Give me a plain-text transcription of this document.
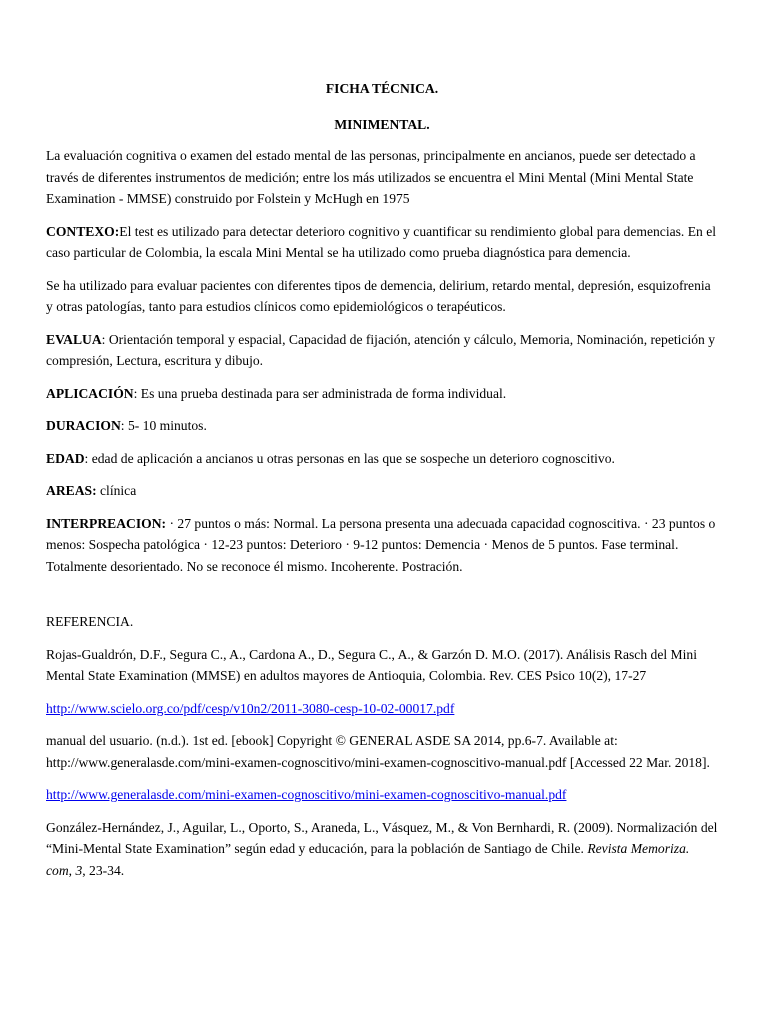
FICHA TÉCNICA.

MINIMENTAL.

La evaluación cognitiva o examen del estado mental de las personas, principalmente en ancianos, puede ser detectado a través de diferentes instrumentos de medición; entre los más utilizados se encuentra el Mini Mental (Mini Mental State Examination - MMSE) construido por Folstein y McHugh en 1975

CONTEXO:El test es utilizado para detectar deterioro cognitivo y cuantificar su rendimiento global para demencias. En el caso particular de Colombia, la escala Mini Mental se ha utilizado como prueba diagnóstica para demencia.

Se ha utilizado para evaluar pacientes con diferentes tipos de demencia, delirium, retardo mental, depresión, esquizofrenia y otras patologías, tanto para estudios clínicos como epidemiológicos o terapéuticos.

EVALUA: Orientación temporal y espacial, Capacidad de fijación, atención y cálculo, Memoria, Nominación, repetición y compresión, Lectura, escritura y dibujo.

APLICACIÓN: Es una prueba destinada para ser administrada de forma individual.

DURACION: 5- 10 minutos.

EDAD: edad de aplicación a ancianos u otras personas en las que se sospeche un deterioro cognoscitivo.

AREAS: clínica

INTERPREACION: · 27 puntos o más: Normal. La persona presenta una adecuada capacidad cognoscitiva. · 23 puntos o menos: Sospecha patológica · 12-23 puntos: Deterioro · 9-12 puntos: Demencia · Menos de 5 puntos. Fase terminal. Totalmente desorientado. No se reconoce él mismo. Incoherente. Postración.

REFERENCIA.

Rojas-Gualdrón, D.F., Segura C., A., Cardona A., D., Segura C., A., & Garzón D. M.O. (2017). Análisis Rasch del Mini Mental State Examination (MMSE) en adultos mayores de Antioquia, Colombia. Rev. CES Psico 10(2), 17-27

http://www.scielo.org.co/pdf/cesp/v10n2/2011-3080-cesp-10-02-00017.pdf

manual del usuario. (n.d.). 1st ed. [ebook] Copyright © GENERAL ASDE SA 2014, pp.6-7. Available at: http://www.generalasde.com/mini-examen-cognoscitivo/mini-examen-cognoscitivo-manual.pdf [Accessed 22 Mar. 2018].

http://www.generalasde.com/mini-examen-cognoscitivo/mini-examen-cognoscitivo-manual.pdf

González-Hernández, J., Aguilar, L., Oporto, S., Araneda, L., Vásquez, M., & Von Bernhardi, R. (2009). Normalización del “Mini-Mental State Examination” según edad y educación, para la población de Santiago de Chile. Revista Memoriza. com, 3, 23-34.
